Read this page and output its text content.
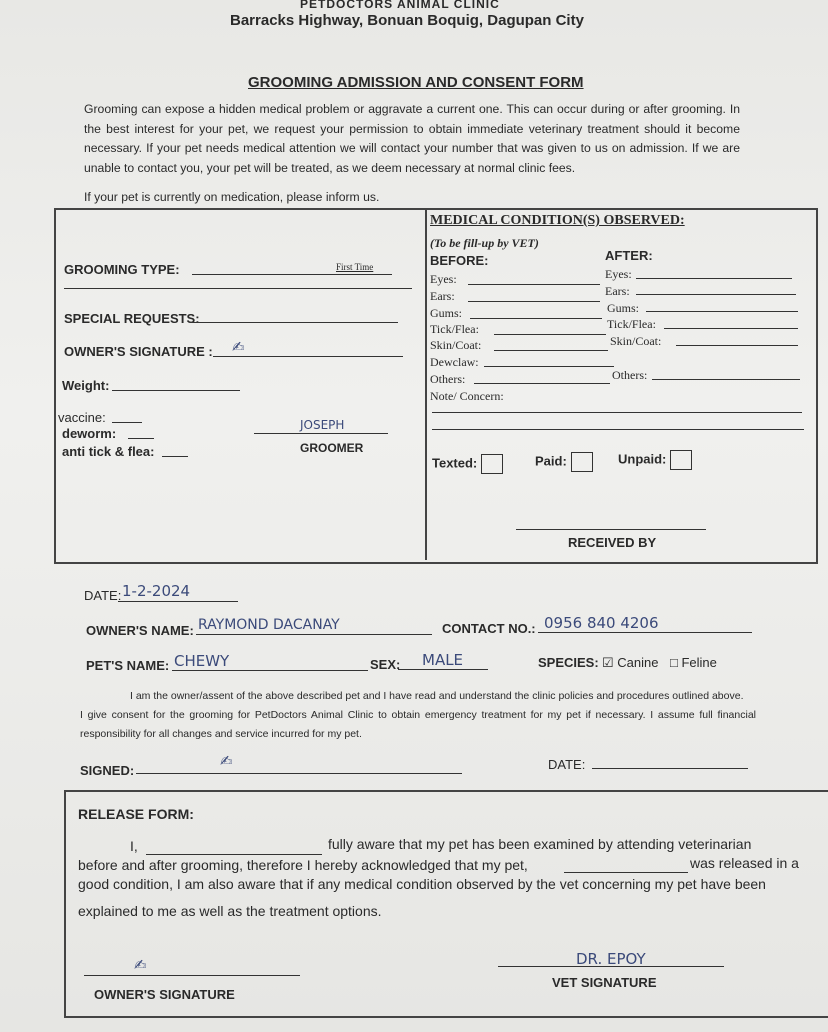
PETDOCTORS ANIMAL CLINIC
Barracks Highway, Bonuan Boquig, Dagupan City
GROOMING ADMISSION AND CONSENT FORM

Grooming can expose a hidden medical problem or aggravate a current one. This can occur during or after grooming. In the best interest for your pet, we request your permission to obtain immediate veterinary treatment should it become necessary. If your pet needs medical attention we will contact your number that was given to us on admission. If we are unable to contact you, your pet will be treated, as we deem necessary at normal clinic fees.

If your pet is currently on medication, please inform us.
GROOMING TYPE:	First Time
SPECIAL REQUESTS:
OWNER'S SIGNATURE : ✍
Weight:
vaccine:
deworm:
anti tick & flea:
JOSEPH
GROOMER
MEDICAL CONDITION(S) OBSERVED:
(To be fill-up by VET)
BEFORE:	AFTER:
Eyes:	Eyes:
Ears:	Ears:
Gums:	Gums:
Tick/Flea:	Tick/Flea:
Skin/Coat:	Skin/Coat:
Dewclaw:
Others:	Others:
Note/ Concern:
Texted:	Paid:	Unpaid:
RECEIVED BY
DATE: 1-2-2024
OWNER'S NAME: RAYMOND DACANAY	CONTACT NO.: 0956 840 4206
PET'S NAME: CHEWY	SEX: MALE	SPECIES: ☑ Canine □ Feline
I am the owner/assent of the above described pet and I have read and understand the clinic policies and procedures outlined above.

I give consent for the grooming for PetDoctors Animal Clinic to obtain emergency treatment for my pet if necessary. I assume full financial responsibility for all changes and service incurred for my pet.

SIGNED:
✍	DATE:
RELEASE FORM:
I,	fully aware that my pet has been examined by attending veterinarian
before and after grooming, therefore I hereby acknowledged that my pet,	was released in a
good condition, I am also aware that if any medical condition observed by the vet concerning my pet have been
explained to me as well as the treatment options.
✍
OWNER'S SIGNATURE
DR. EPOY
VET SIGNATURE
